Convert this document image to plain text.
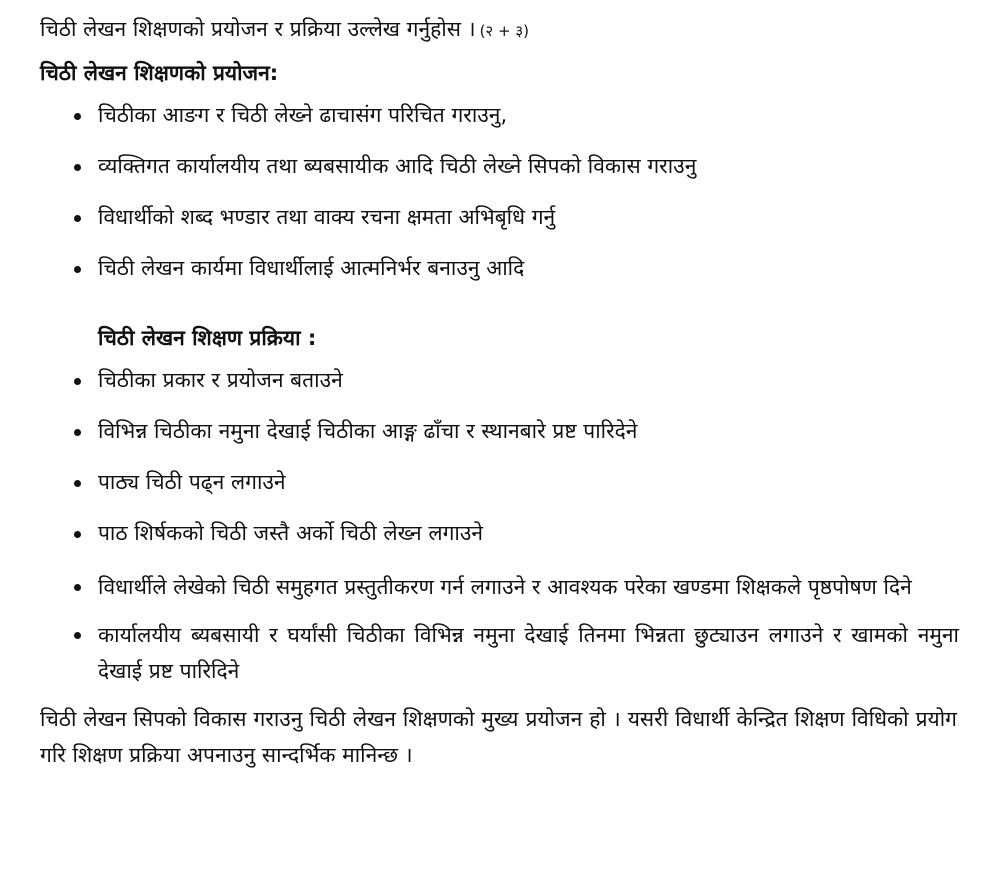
चिठी लेखन शिक्षणको प्रयोजन र प्रक्रिया उल्लेख गर्नुहोस । (२ + ३)

चिठी लेखन शिक्षणको प्रयोजन:

चिठीका आङग र चिठी लेख्ने ढाचासंग परिचित गराउनु,
व्यक्तिगत कार्यालयीय तथा ब्यबसायीक आदि चिठी लेख्ने सिपको विकास गराउनु
विधार्थीको शब्द भण्डार तथा वाक्य रचना क्षमता अभिबृधि गर्नु
चिठी लेखन कार्यमा विधार्थीलाई आत्मनिर्भर बनाउनु आदि

चिठी लेखन शिक्षण प्रक्रिया :

चिठीका प्रकार र प्रयोजन बताउने
विभिन्न चिठीका नमुना देखाई चिठीका आङ्ग ढाँचा र स्थानबारे प्रष्ट पारिदेने
पाठ्य चिठी पढ्न लगाउने
पाठ शिर्षकको चिठी जस्तै अर्को चिठी लेख्न लगाउने
विधार्थीले लेखेको चिठी समुहगत प्रस्तुतीकरण गर्न लगाउने र आवश्यक परेका खण्डमा शिक्षकले पृष्ठपोषण दिने
कार्यालयीय ब्यबसायी र घर्यांसी चिठीका विभिन्न नमुना देखाई तिनमा भिन्नता छुट्याउन लगाउने र खामको नमुना देखाई प्रष्ट पारिदिने

चिठी लेखन सिपको विकास गराउनु चिठी लेखन शिक्षणको मुख्य प्रयोजन हो । यसरी विधार्थी केन्द्रित शिक्षण विधिको प्रयोग गरि शिक्षण प्रक्रिया अपनाउनु सान्दर्भिक मानिन्छ ।
